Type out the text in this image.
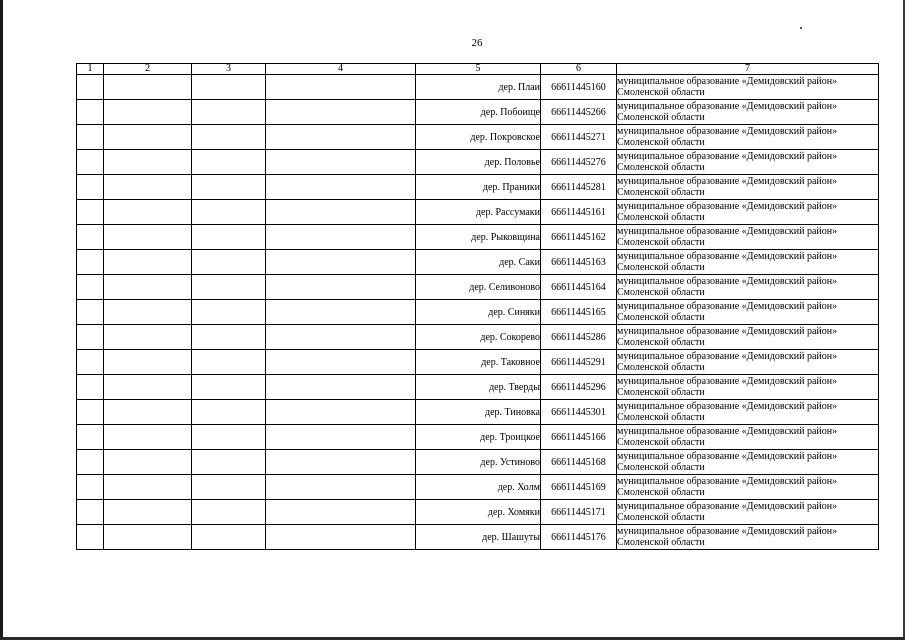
26
1	2	3	4	5	6	7
				дер. Плаи	66611445160	муниципальное образование «Демидовский район»
Смоленской области

				дер. Побоище	66611445266	муниципальное образование «Демидовский район»
Смоленской области

				дер. Покровское	66611445271	муниципальное образование «Демидовский район»
Смоленской области

				дер. Половье	66611445276	муниципальное образование «Демидовский район»
Смоленской области

				дер. Праники	66611445281	муниципальное образование «Демидовский район»
Смоленской области

				дер. Рассумаки	66611445161	муниципальное образование «Демидовский район»
Смоленской области

				дер. Рыковщина	66611445162	муниципальное образование «Демидовский район»
Смоленской области

				дер. Саки	66611445163	муниципальное образование «Демидовский район»
Смоленской области

				дер. Селивоново	66611445164	муниципальное образование «Демидовский район»
Смоленской области

				дер. Синяки	66611445165	муниципальное образование «Демидовский район»
Смоленской области

				дер. Сокорево	66611445286	муниципальное образование «Демидовский район»
Смоленской области

				дер. Таковное	66611445291	муниципальное образование «Демидовский район»
Смоленской области

				дер. Тверды	66611445296	муниципальное образование «Демидовский район»
Смоленской области

				дер. Тиновка	66611445301	муниципальное образование «Демидовский район»
Смоленской области

				дер. Троицкое	66611445166	муниципальное образование «Демидовский район»
Смоленской области

				дер. Устиново	66611445168	муниципальное образование «Демидовский район»
Смоленской области

				дер. Холм	66611445169	муниципальное образование «Демидовский район»
Смоленской области

				дер. Хомяки	66611445171	муниципальное образование «Демидовский район»
Смоленской области

				дер. Шашуты	66611445176	муниципальное образование «Демидовский район»
Смоленской области
